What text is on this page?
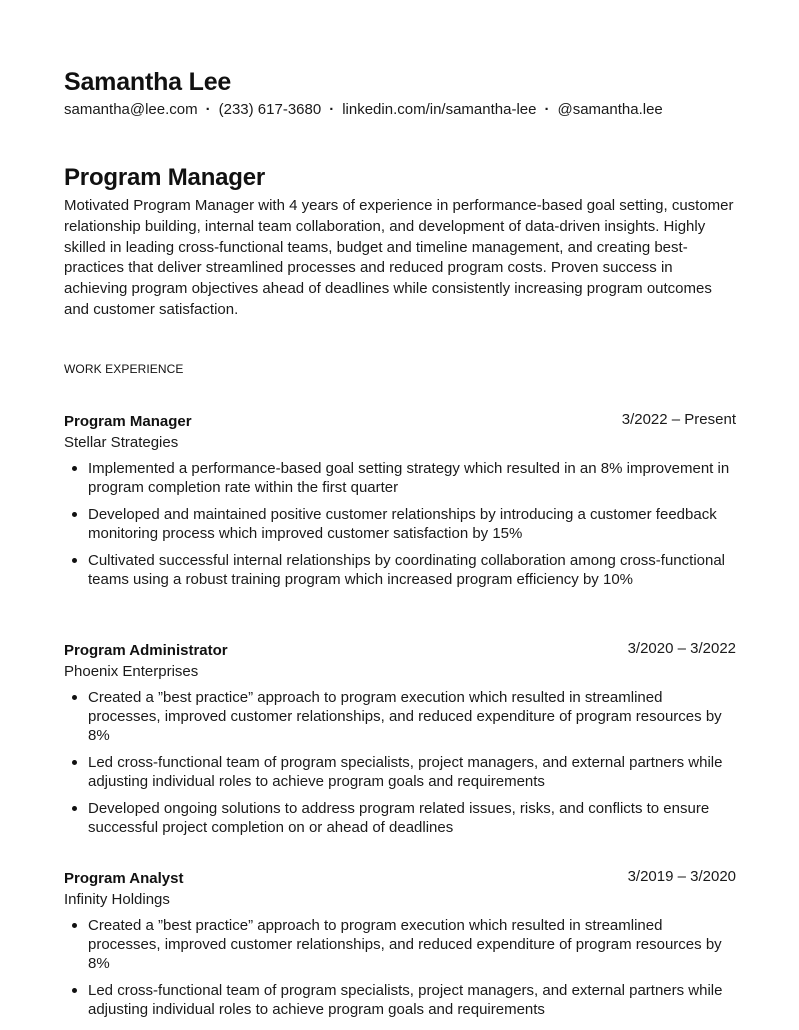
Samantha Lee
samantha@lee.com · (233) 617-3680 · linkedin.com/in/samantha-lee · @samantha.lee
Program Manager

Motivated Program Manager with 4 years of experience in performance-based goal setting, customer relationship building, internal team collaboration, and development of data-driven insights. Highly skilled in leading cross-functional teams, budget and timeline management, and creating best-practices that deliver streamlined processes and reduced program costs. Proven success in achieving program objectives ahead of deadlines while consistently increasing program outcomes and customer satisfaction.

WORK EXPERIENCE
Program Manager	3/2022 – Present
Stellar Strategies
Implemented a performance-based goal setting strategy which resulted in an 8% improvement in program completion rate within the first quarter
Developed and maintained positive customer relationships by introducing a customer feedback monitoring process which improved customer satisfaction by 15%
Cultivated successful internal relationships by coordinating collaboration among cross-functional teams using a robust training program which increased program efficiency by 10%
Program Administrator	3/2020 – 3/2022
Phoenix Enterprises
Created a ”best practice” approach to program execution which resulted in streamlined processes, improved customer relationships, and reduced expenditure of program resources by 8%
Led cross-functional team of program specialists, project managers, and external partners while adjusting individual roles to achieve program goals and requirements
Developed ongoing solutions to address program related issues, risks, and conflicts to ensure successful project completion on or ahead of deadlines
Program Analyst	3/2019 – 3/2020
Infinity Holdings
Created a ”best practice” approach to program execution which resulted in streamlined processes, improved customer relationships, and reduced expenditure of program resources by 8%
Led cross-functional team of program specialists, project managers, and external partners while adjusting individual roles to achieve program goals and requirements
